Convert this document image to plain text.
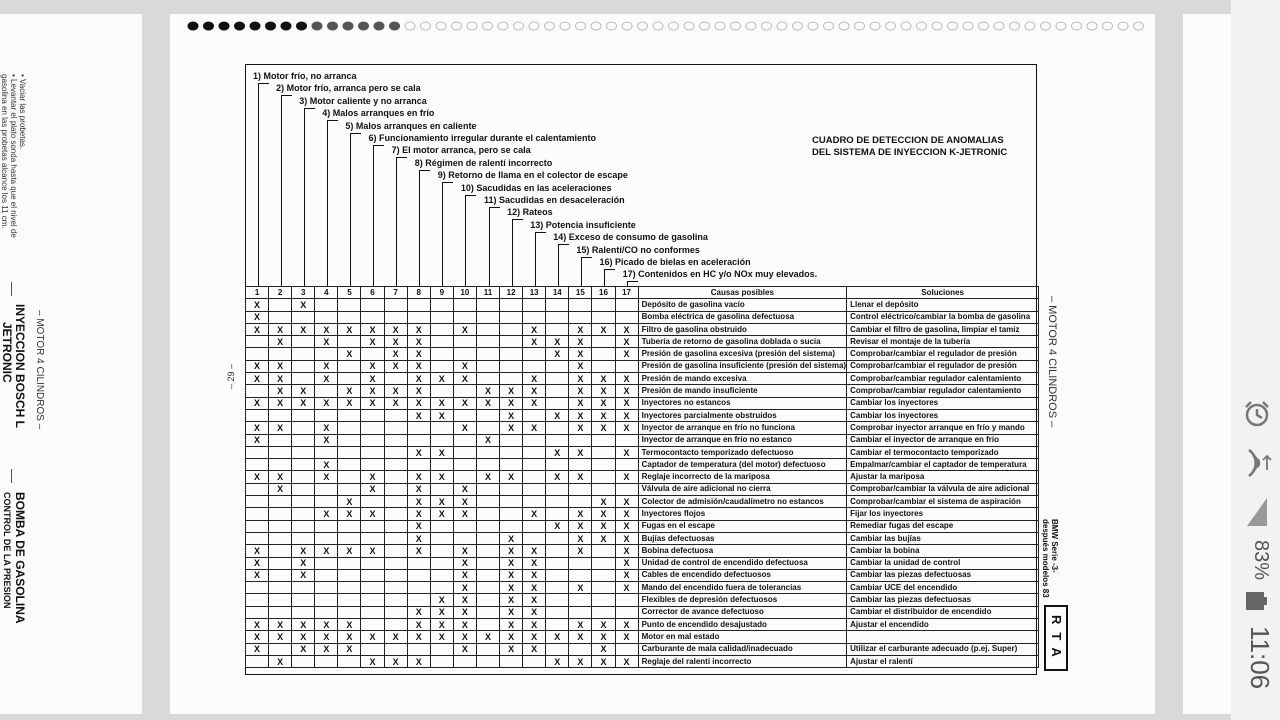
• Vaciar las probetas.
• Levantar el plato sonda hasta que el nivel de
gasolina en las probetas alcance los 11 cm.
– MOTOR 4 CILINDROS –
INYECCION BOSCH L
JETRONIC
BOMBA DE GASOLINA
CONTROL DE LA PRESION
1) Motor frío, no arranca
2) Motor frío, arranca pero se cala
3) Motor caliente y no arranca
4) Malos arranques en frío
5) Malos arranques en caliente
6) Funcionamiento irregular durante el calentamiento
7) El motor arranca, pero se cala
8) Régimen de ralentí incorrecto
9) Retorno de llama en el colector de escape
10) Sacudidas en las aceleraciones
11) Sacudidas en desaceleración
12) Rateos
13) Potencia insuficiente
14) Exceso de consumo de gasolina
15) Ralentí/CO no conformes
16) Picado de bielas en aceleración
17) Contenidos en HC y/o NOx muy elevados.
CUADRO DE DETECCION DE ANOMALIAS
DEL SISTEMA DE INYECCION K-JETRONIC
1	2	3	4	5	6	7	8	9	10	11	12	13	14	15	16	17	Causas posibles	Soluciones
X		X															Depósito de gasolina vacío	Llenar el depósito
X																	Bomba eléctrica de gasolina defectuosa	Control eléctrico/cambiar la bomba de gasolina
X	X	X	X	X	X	X	X		X			X		X	X	X	Filtro de gasolina obstruido	Cambiar el filtro de gasolina, limpiar el tamiz
	X		X		X	X	X					X	X	X		X	Tubería de retorno de gasolina doblada o sucia	Revisar el montaje de la tubería
				X		X	X						X	X		X	Presión de gasolina excesiva (presión del sistema)	Comprobar/cambiar el regulador de presión
X	X		X		X	X	X		X					X			Presión de gasolina insuficiente (presión del sistema)	Comprobar/cambiar el regulador de presión
X	X		X		X		X	X	X			X		X	X	X	Presión de mando excesiva	Comprobar/cambiar regulador calentamiento
	X	X		X	X	X	X			X	X	X		X	X	X	Presión de mando insuficiente	Comprobar/cambiar regulador calentamiento
X	X	X	X	X	X	X	X	X	X	X	X	X		X	X	X	Inyectores no estancos	Cambiar los inyectores
							X	X			X		X	X	X	X	Inyectores parcialmente obstruidos	Cambiar los inyectores
X	X		X						X		X	X		X	X	X	Inyector de arranque en frío no funciona	Comprobar inyector arranque en frío y mando
X			X							X							Inyector de arranque en frío no estanco	Cambiar el inyector de arranque en frío
							X	X					X	X		X	Termocontacto temporizado defectuoso	Cambiar el termocontacto temporizado
			X														Captador de temperatura (del motor) defectuoso	Empalmar/cambiar el captador de temperatura
X	X		X		X		X	X		X	X		X	X		X	Reglaje incorrecto de la mariposa	Ajustar la mariposa
	X				X		X		X								Válvula de aire adicional no cierra	Comprobar/cambiar la válvula de aire adicional
				X			X	X	X						X	X	Colector de admisión/caudalímetro no estancos	Comprobar/cambiar el sistema de aspiración
			X	X	X		X	X	X			X		X	X	X	Inyectores flojos	Fijar los inyectores
							X						X	X	X	X	Fugas en el escape	Remediar fugas del escape
							X				X			X	X	X	Bujías defectuosas	Cambiar las bujías
X		X	X	X	X		X		X		X	X		X		X	Bobina defectuosa	Cambiar la bobina
X		X							X		X	X				X	Unidad de control de encendido defectuosa	Cambiar la unidad de control
X		X							X		X	X				X	Cables de encendido defectuosos	Cambiar las piezas defectuosas
									X		X	X		X		X	Mando del encendido fuera de tolerancias	Cambiar UCE del encendido
								X	X		X	X					Flexibles de depresión defectuosos	Cambiar las piezas defectuosas
							X	X	X		X	X					Corrector de avance defectuoso	Cambiar el distribuidor de encendido
X	X	X	X	X			X	X	X		X	X		X	X	X	Punto de encendido desajustado	Ajustar el encendido
X	X	X	X	X	X	X	X	X	X	X	X	X	X	X	X	X	Motor en mal estado	
X		X	X	X					X		X	X			X		Carburante de mala calidad/inadecuado	Utilizar el carburante adecuado (p.ej. Super)
	X				X	X	X						X	X	X	X	Reglaje del ralentí incorrecto	Ajustar el ralentí
– 29 –	– MOTOR 4 CILINDROS –
BMW Serie -3-
después modelos 83
RTA
83%
11:06
